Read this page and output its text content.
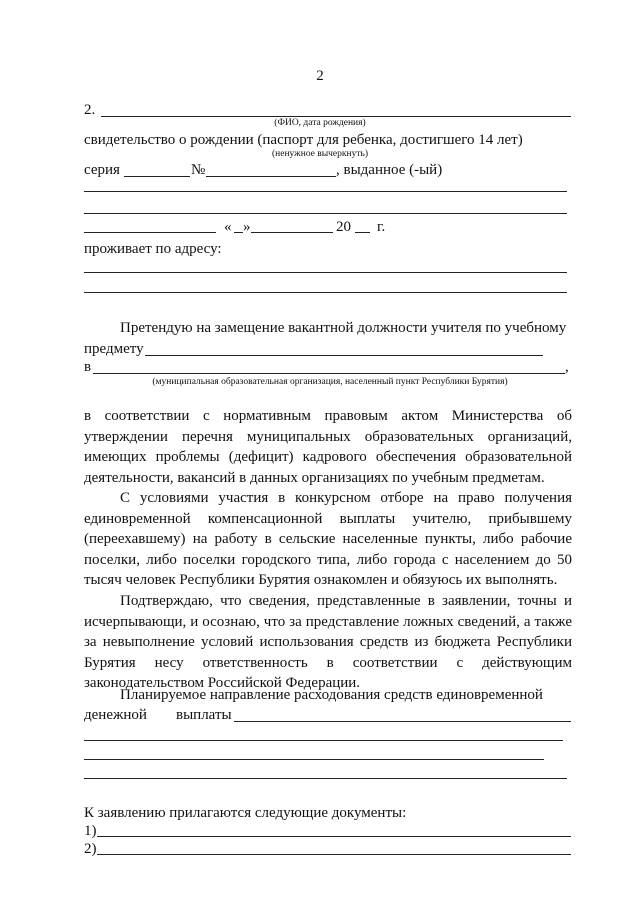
2
2.
(ФИО, дата рождения)
свидетельство о рождении (паспорт для ребенка, достигшего 14 лет)
(ненужное вычеркнуть)
серия	№	, выданное (-ый)
« »	20 г.
проживает по адресу:
Претендую на замещение вакантной должности учителя по учебному
предмету
в	,
(муниципальная образовательная организация, населенный пункт Республики Бурятия)
в соответствии с нормативным правовым актом Министерства об утверждении перечня муниципальных образовательных организаций, имеющих проблемы (дефицит) кадрового обеспечения образовательной деятельности, вакансий в данных организациях по учебным предметам.
С условиями участия в конкурсном отборе на право получения единовременной компенсационной выплаты учителю, прибывшему (переехавшему) на работу в сельские населенные пункты, либо рабочие поселки, либо поселки городского типа, либо города с населением до 50 тысяч человек Республики Бурятия ознакомлен и обязуюсь их выполнять.
Подтверждаю, что сведения, представленные в заявлении, точны и исчерпывающи, и осознаю, что за представление ложных сведений, а также за невыполнение условий использования средств из бюджета Республики Бурятия несу ответственность в соответствии с действующим законодательством Российской Федерации.
Планируемое направление расходования средств единовременной
денежной выплаты
К заявлению прилагаются следующие документы:
1)
2)
